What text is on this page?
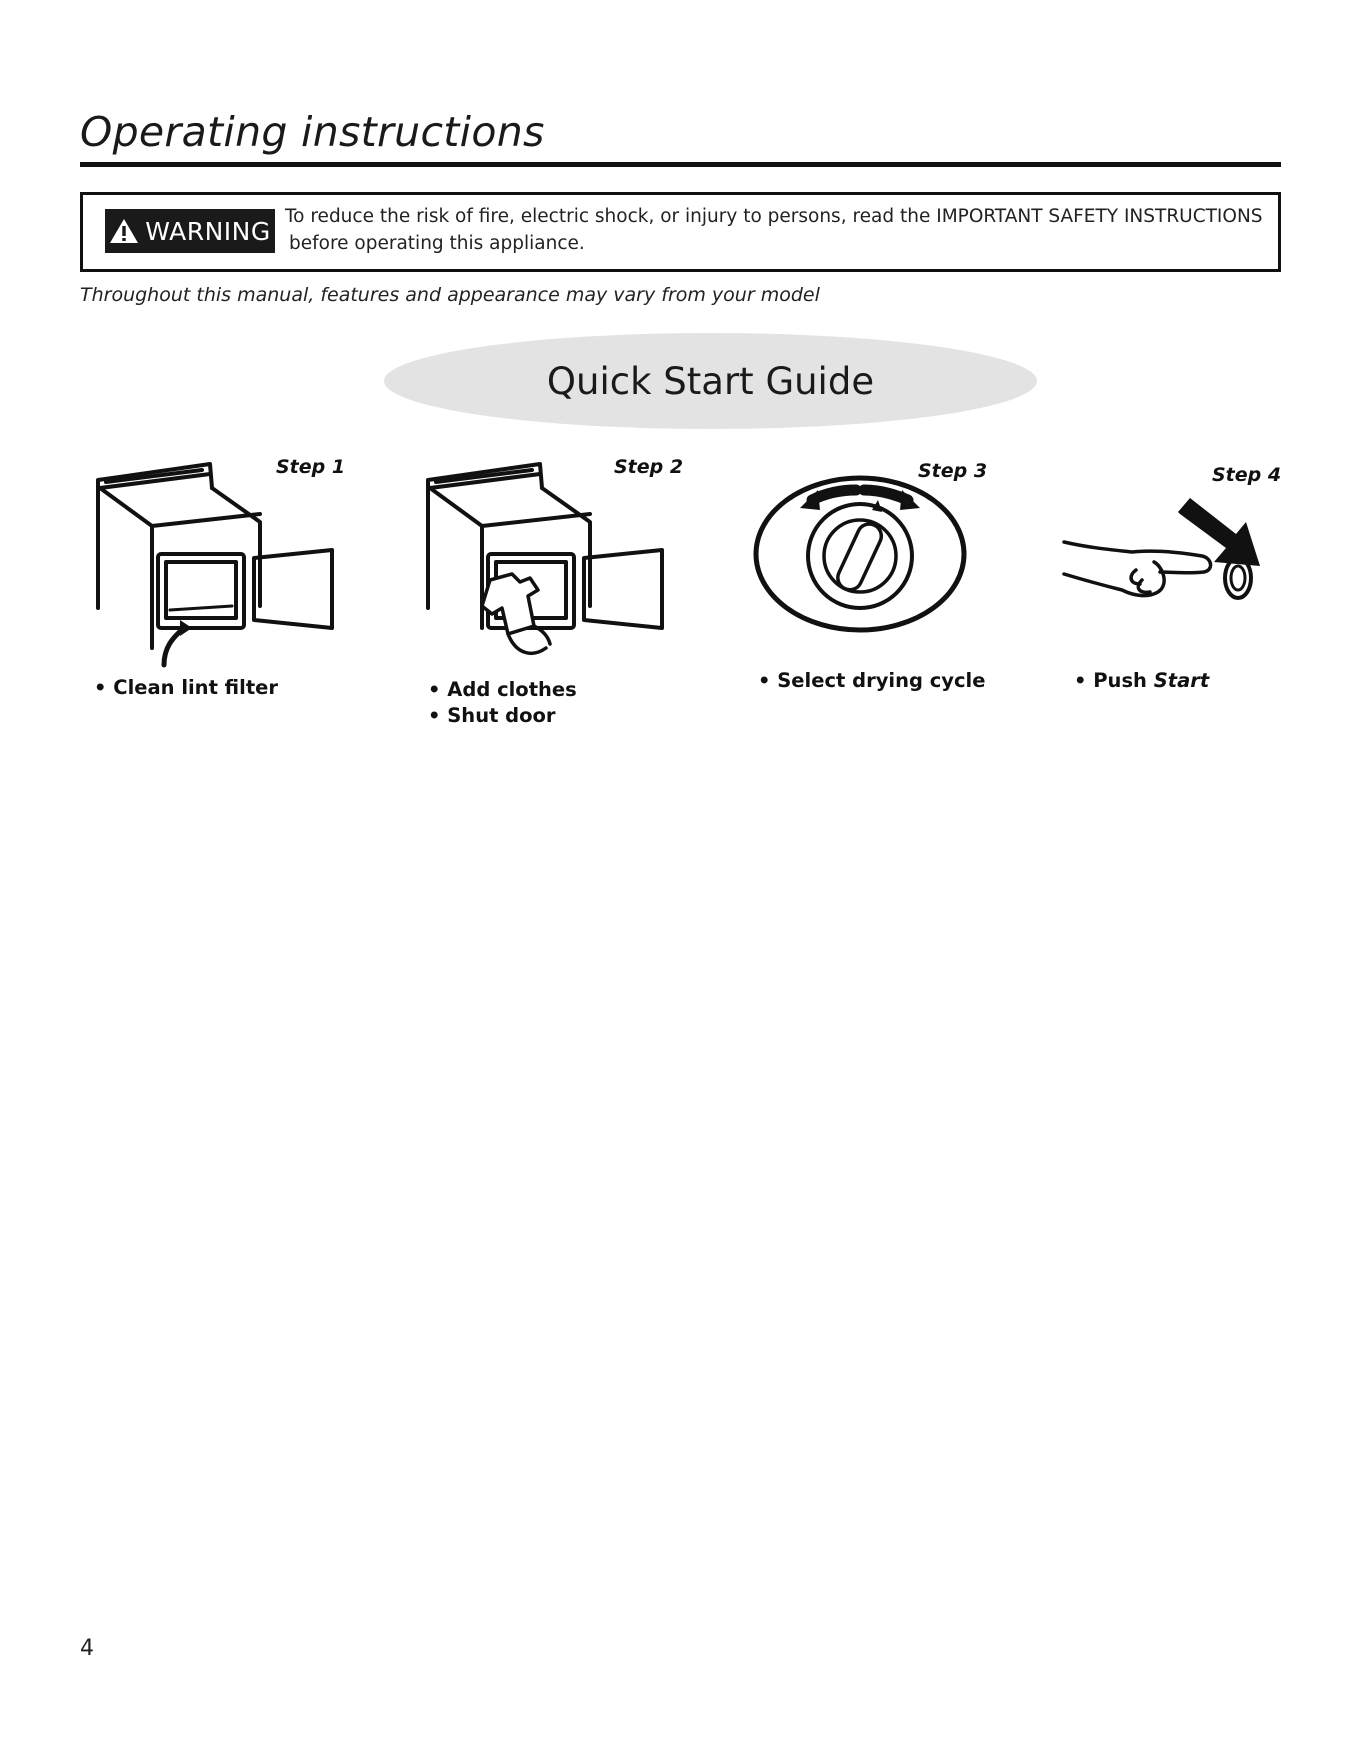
Operating instructions
WARNING To reduce the risk of fire, electric shock, or injury to persons, read the IMPORTANT SAFETY INSTRUCTIONS
before operating this appliance.
Throughout this manual, features and appearance may vary from your model
Quick Start Guide
Step 1
• Clean lint filter
Step 2
• Add clothes
• Shut door
Step 3
• Select drying cycle
Step 4
• Push Start
4
